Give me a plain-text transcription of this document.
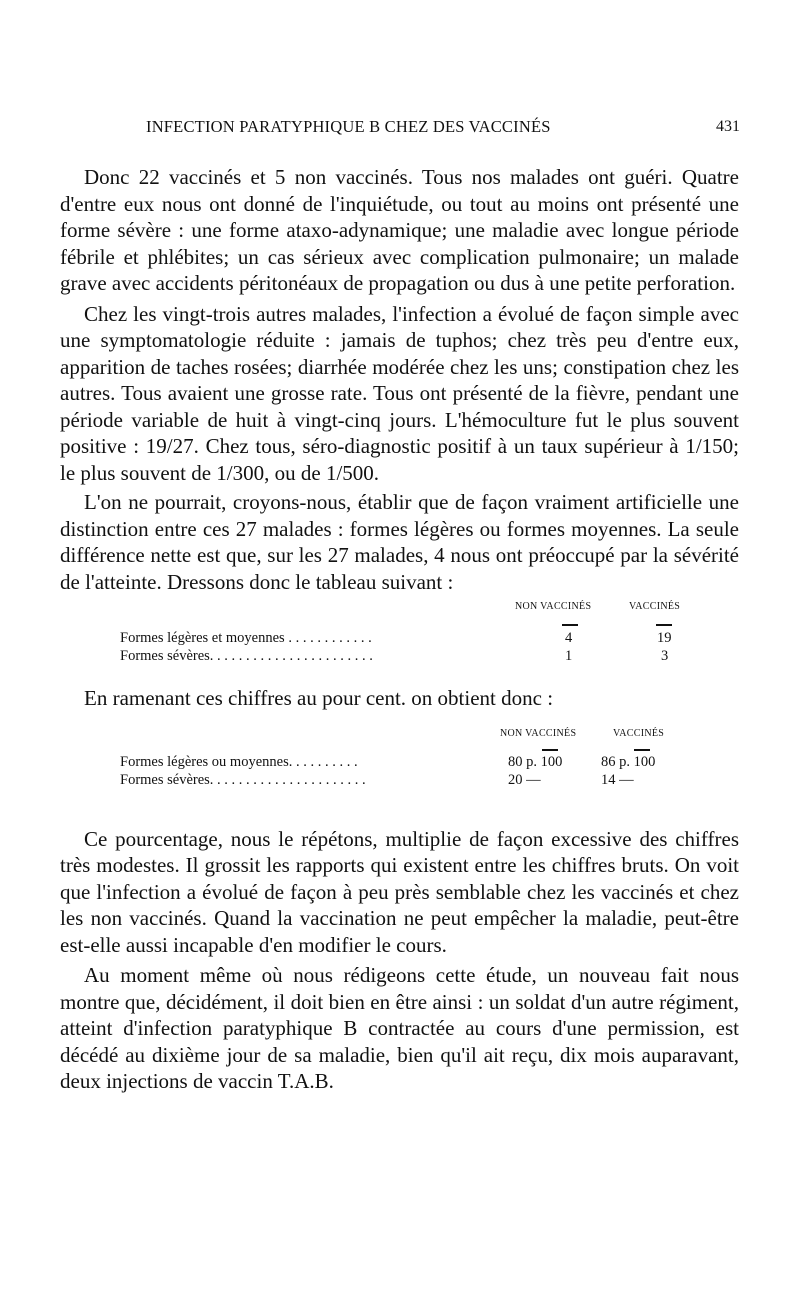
INFECTION PARATYPHIQUE B CHEZ DES VACCINÉS	431

Donc 22 vaccinés et 5 non vaccinés. Tous nos malades ont guéri. Quatre d'entre eux nous ont donné de l'inquiétude, ou tout au moins ont présenté une forme sévère : une forme ataxo-adynamique; une maladie avec longue période fébrile et phlébites; un cas sérieux avec complication pulmonaire; un malade grave avec accidents péritonéaux de propagation ou dus à une petite perforation.

Chez les vingt-trois autres malades, l'infection a évolué de façon simple avec une symptomatologie réduite : jamais de tuphos; chez très peu d'entre eux, apparition de taches rosées; diarrhée modérée chez les uns; constipation chez les autres. Tous avaient une grosse rate. Tous ont présenté de la fièvre, pendant une période variable de huit à vingt-cinq jours. L'hémoculture fut le plus souvent positive : 19/27. Chez tous, séro-diagnostic positif à un taux supérieur à 1/150; le plus souvent de 1/300, ou de 1/500.

L'on ne pourrait, croyons-nous, établir que de façon vraiment artificielle une distinction entre ces 27 malades : formes légères ou formes moyennes. La seule différence nette est que, sur les 27 malades, 4 nous ont préoccupé par la sévérité de l'atteinte. Dressons donc le tableau suivant :

NON VACCINÉS	VACCINÉS
Formes légères et moyennes . . . . . . . . . . . .	4	19
Formes sévères. . . . . . . . . . . . . . . . . . . . . . .	1	3

En ramenant ces chiffres au pour cent. on obtient donc :

NON VACCINÉS	VACCINÉS
Formes légères ou moyennes. . . . . . . . . .	80 p. 100	86 p. 100
Formes sévères. . . . . . . . . . . . . . . . . . . . . .	20 —	14 —

Ce pourcentage, nous le répétons, multiplie de façon excessive des chiffres très modestes. Il grossit les rapports qui existent entre les chiffres bruts. On voit que l'infection a évolué de façon à peu près semblable chez les vaccinés et chez les non vaccinés. Quand la vaccination ne peut empêcher la maladie, peut-être est-elle aussi incapable d'en modifier le cours.

Au moment même où nous rédigeons cette étude, un nouveau fait nous montre que, décidément, il doit bien en être ainsi : un soldat d'un autre régiment, atteint d'infection paratyphique B contractée au cours d'une permission, est décédé au dixième jour de sa maladie, bien qu'il ait reçu, dix mois auparavant, deux injections de vaccin T.A.B.
